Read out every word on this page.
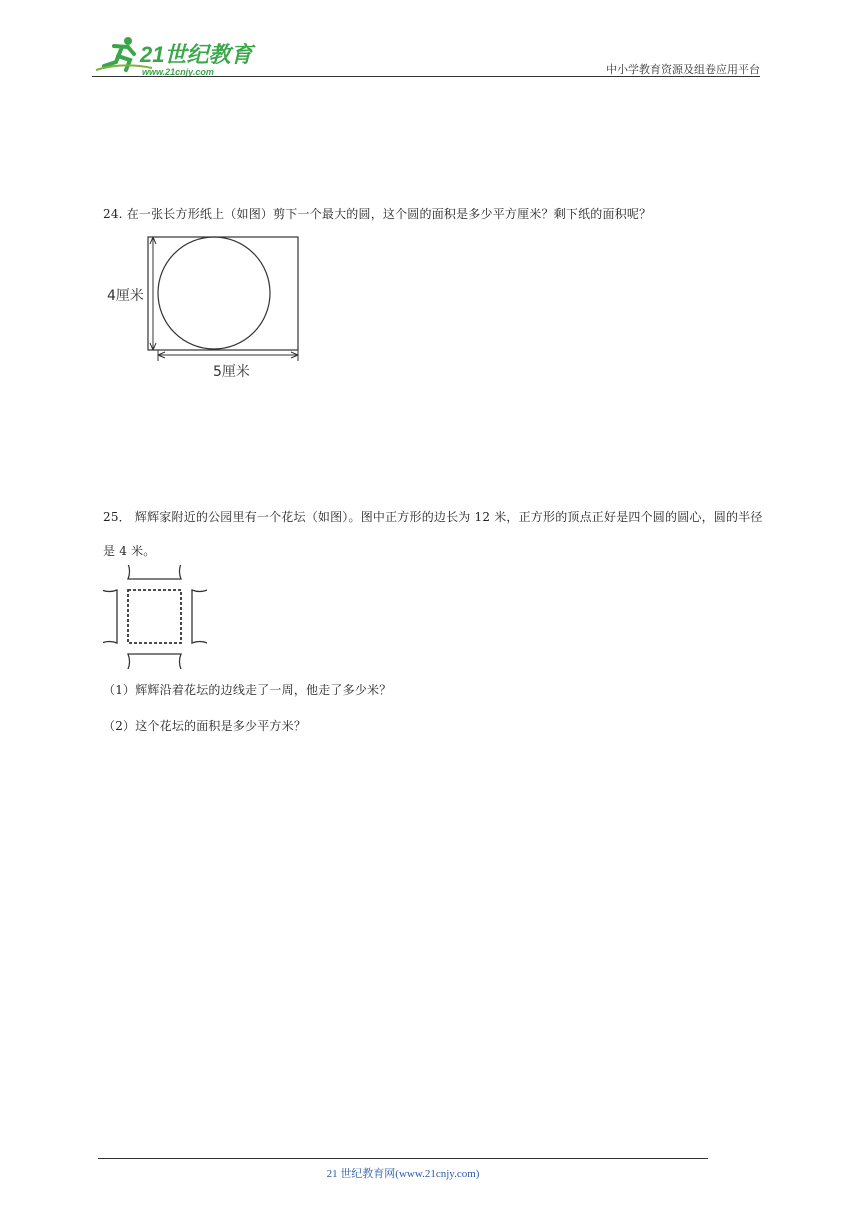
21世纪教育
www.21cnjy.com	中小学教育资源及组卷应用平台
24. 在一张长方形纸上（如图）剪下一个最大的圆，这个圆的面积是多少平方厘米？剩下纸的面积呢？
4厘米
5厘米
25． 辉辉家附近的公园里有一个花坛（如图）。图中正方形的边长为 12 米，正方形的顶点正好是四个圆的圆心，圆的半径是 4 米。
（1）辉辉沿着花坛的边线走了一周，他走了多少米？
（2）这个花坛的面积是多少平方米？
21 世纪教育网(www.21cnjy.com)
